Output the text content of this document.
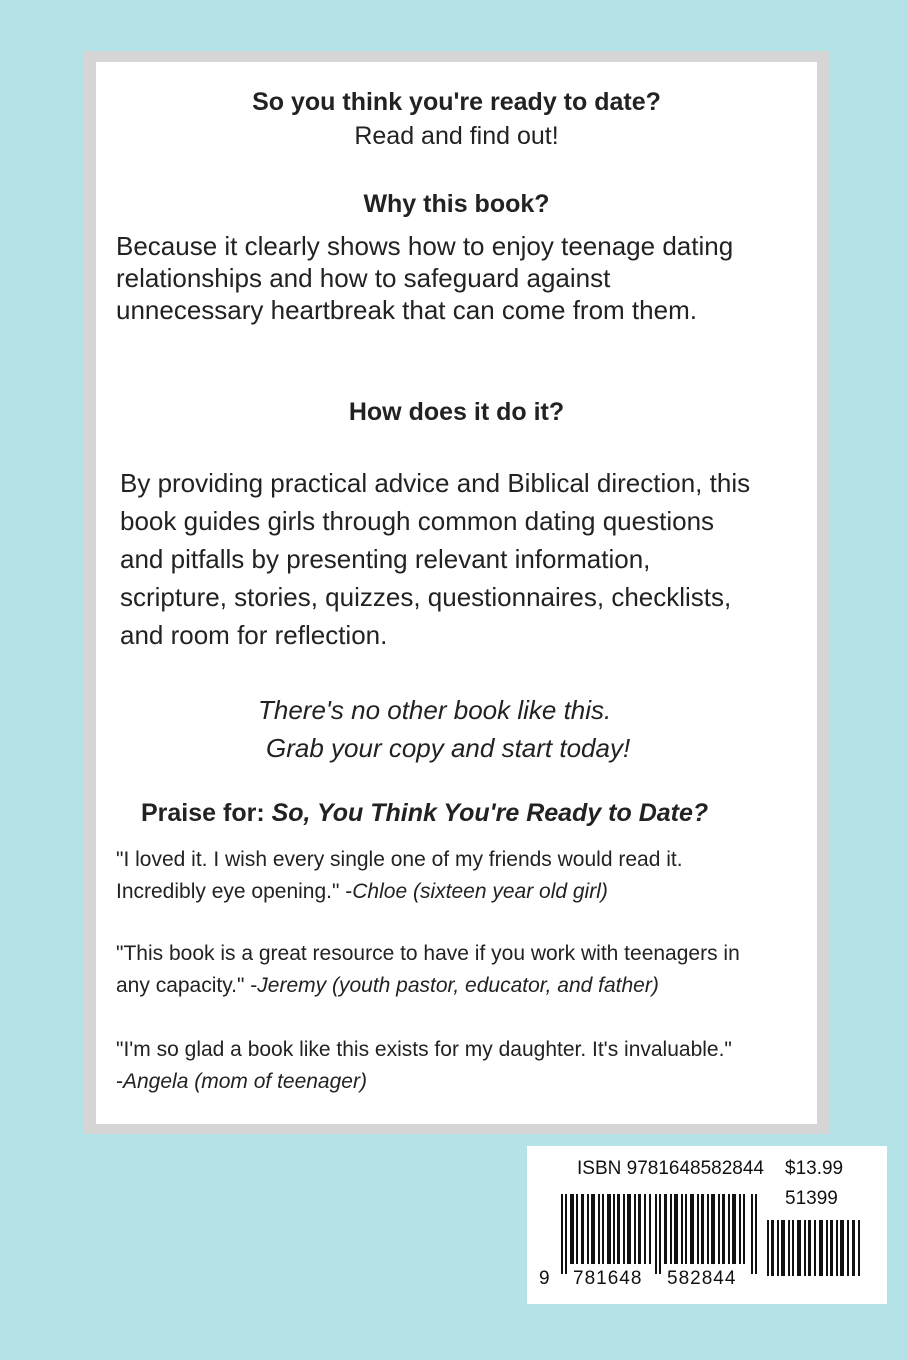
So you think you're ready to date?

Read and find out!

Why this book?

Because it clearly shows how to enjoy teenage dating

relationships and how to safeguard against

unnecessary heartbreak that can come from them.

How does it do it?

By providing practical advice and Biblical direction, this

book guides girls through common dating questions

and pitfalls by presenting relevant information,

scripture, stories, quizzes, questionnaires, checklists,

and room for reflection.

There's no other book like this.

Grab your copy and start today!

Praise for: So, You Think You're Ready to Date?

"I loved it. I wish every single one of my friends would read it.

Incredibly eye opening." -Chloe (sixteen year old girl)

"This book is a great resource to have if you work with teenagers in

any capacity." -Jeremy (youth pastor, educator, and father)

"I'm so glad a book like this exists for my daughter. It's invaluable."

-Angela (mom of teenager)

ISBN 9781648582844 $13.99
51399
9 781648 582844
